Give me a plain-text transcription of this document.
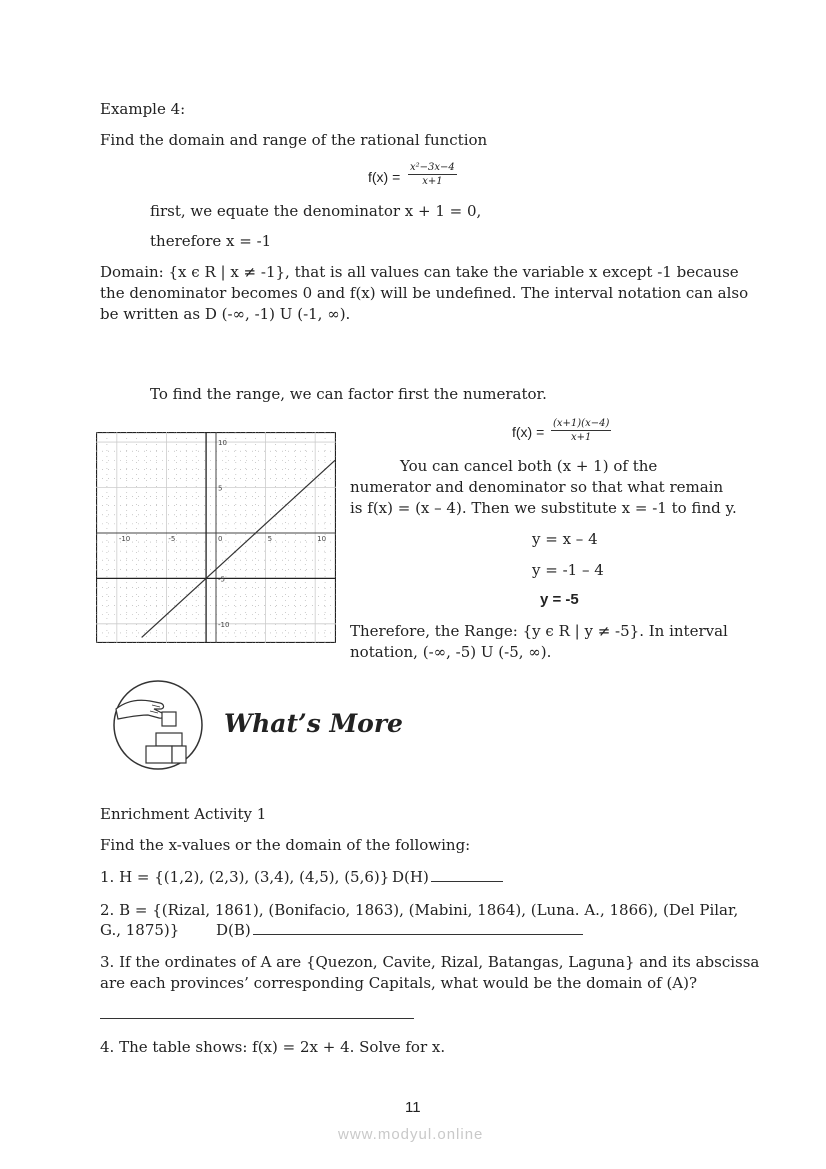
Example 4:
Find the domain and range of the rational function
$f(x) = \frac{\text{x²−3x−4}}{x+1}$
first, we equate the denominator x + 1 = 0,
therefore x = -1
Domain: {x ϵ R | x ≠ -1}, that is all values can take the variable x except -1 because
the denominator becomes 0 and f(x) will be undefined. The interval notation can also
be written as D (-∞, -1) U (-1, ∞).
To find the range, we can factor first the numerator.
$f(x) = \frac{(x+1)(x-4)}{x+1}$
-10	-5	0	5	10
10
5
-5
-10
You can cancel both (x + 1) of the
numerator and denominator so that what remain
is f(x) = (x – 4). Then we substitute x = -1 to find y.
y = x – 4
y = -1 – 4
y = -5
Therefore, the Range: {y ϵ R | y ≠ -5}. In interval
notation, (-∞, -5) U (-5, ∞).
What’s More
Enrichment Activity 1
Find the x-values or the domain of the following:
1. H = {(1,2), (2,3), (3,4), (4,5), (5,6)} D(H)
2. B = {(Rizal, 1861), (Bonifacio, 1863), (Mabini, 1864), (Luna. A., 1866), (Del Pilar,
G., 1875)} D(B)
3. If the ordinates of A are {Quezon, Cavite, Rizal, Batangas, Laguna} and its abscissa
are each provinces’ corresponding Capitals, what would be the domain of (A)?
4. The table shows: f(x) = 2x + 4. Solve for x.
11
www.modyul.online
